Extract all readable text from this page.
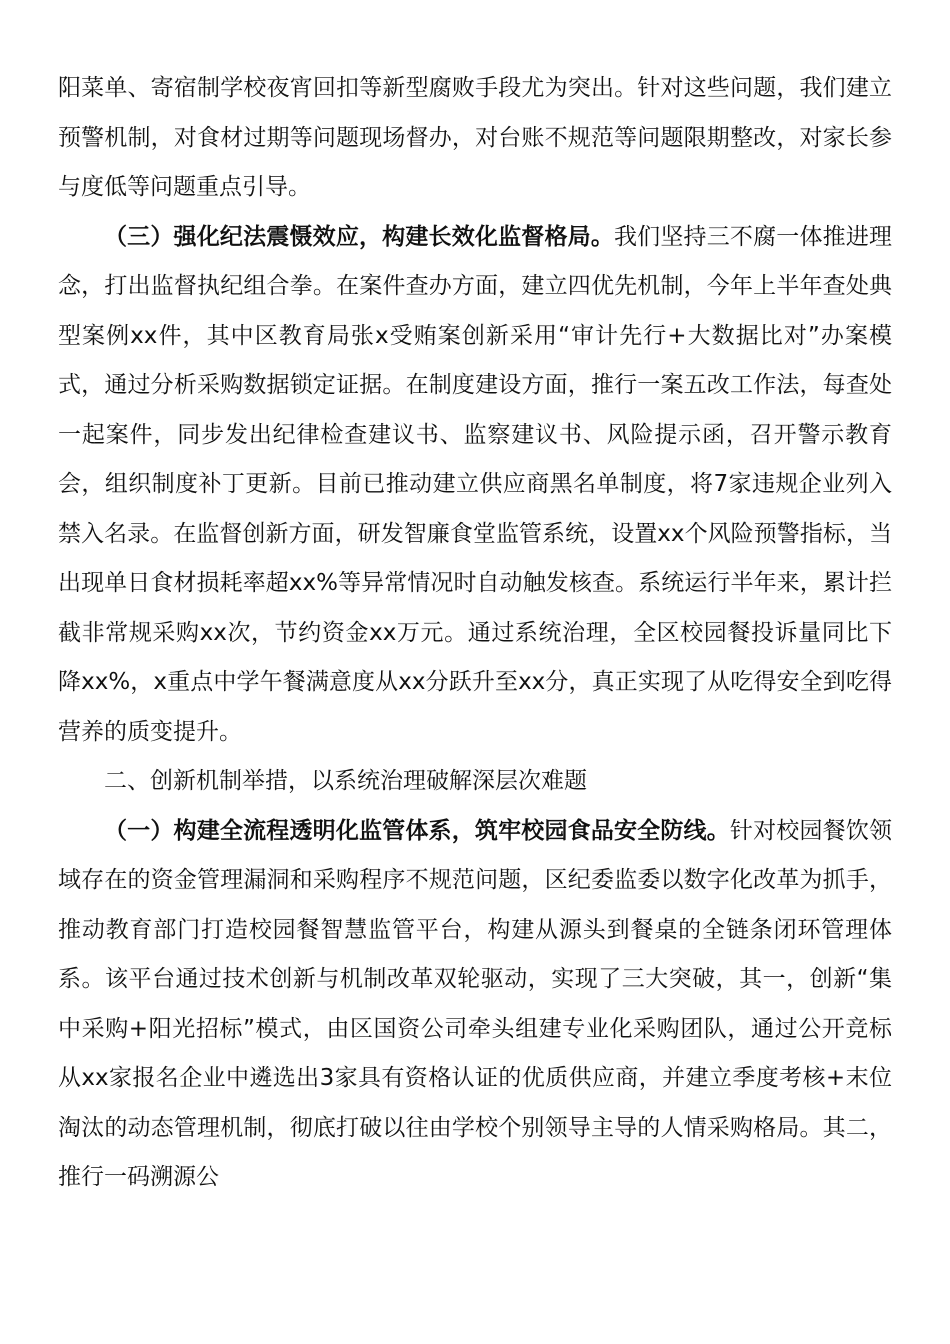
阳菜单、寄宿制学校夜宵回扣等新型腐败手段尤为突出。针对这些问题，我们建立预警机制，对食材过期等问题现场督办，对台账不规范等问题限期整改，对家长参与度低等问题重点引导。

（三）强化纪法震慑效应，构建长效化监督格局。我们坚持三不腐一体推进理念，打出监督执纪组合拳。在案件查办方面，建立四优先机制，今年上半年查处典型案例xx件，其中区教育局张x受贿案创新采用“审计先行+大数据比对”办案模式，通过分析采购数据锁定证据。在制度建设方面，推行一案五改工作法，每查处一起案件，同步发出纪律检查建议书、监察建议书、风险提示函，召开警示教育会，组织制度补丁更新。目前已推动建立供应商黑名单制度，将7家违规企业列入禁入名录。在监督创新方面，研发智廉食堂监管系统，设置xx个风险预警指标，当出现单日食材损耗率超xx%等异常情况时自动触发核查。系统运行半年来，累计拦截非常规采购xx次，节约资金xx万元。通过系统治理，全区校园餐投诉量同比下降xx%，x重点中学午餐满意度从xx分跃升至xx分，真正实现了从吃得安全到吃得营养的质变提升。

二、创新机制举措，以系统治理破解深层次难题

（一）构建全流程透明化监管体系，筑牢校园食品安全防线。针对校园餐饮领域存在的资金管理漏洞和采购程序不规范问题，区纪委监委以数字化改革为抓手，推动教育部门打造校园餐智慧监管平台，构建从源头到餐桌的全链条闭环管理体系。该平台通过技术创新与机制改革双轮驱动，实现了三大突破，其一，创新“集中采购+阳光招标”模式，由区国资公司牵头组建专业化采购团队，通过公开竞标从xx家报名企业中遴选出3家具有资格认证的优质供应商，并建立季度考核+末位淘汰的动态管理机制，彻底打破以往由学校个别领导主导的人情采购格局。其二，推行一码溯源公
